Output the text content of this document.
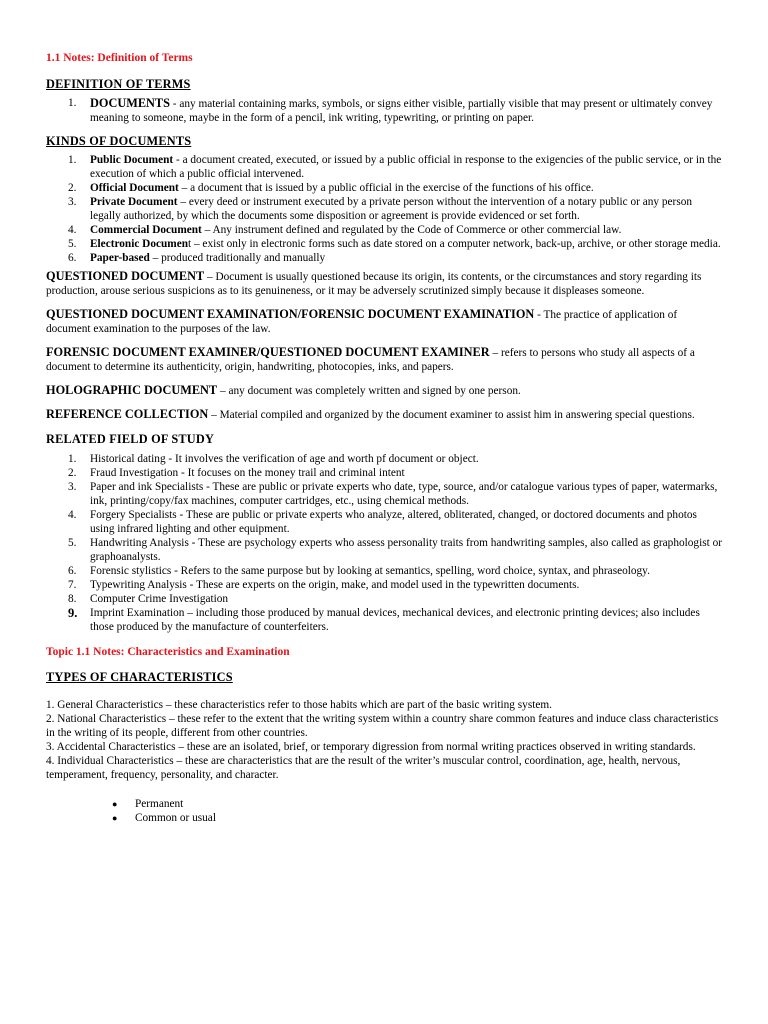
1.1 Notes: Definition of Terms
DEFINITION OF TERMS
1. DOCUMENTS - any material containing marks, symbols, or signs either visible, partially visible that may present or ultimately convey meaning to someone, maybe in the form of a pencil, ink writing, typewriting, or printing on paper.
KINDS OF DOCUMENTS
1. Public Document - a document created, executed, or issued by a public official in response to the exigencies of the public service, or in the execution of which a public official intervened.
2. Official Document – a document that is issued by a public official in the exercise of the functions of his office.
3. Private Document – every deed or instrument executed by a private person without the intervention of a notary public or any person legally authorized, by which the documents some disposition or agreement is provide evidenced or set forth.
4. Commercial Document – Any instrument defined and regulated by the Code of Commerce or other commercial law.
5. Electronic Document – exist only in electronic forms such as date stored on a computer network, back-up, archive, or other storage media.
6. Paper-based – produced traditionally and manually

QUESTIONED DOCUMENT – Document is usually questioned because its origin, its contents, or the circumstances and story regarding its production, arouse serious suspicions as to its genuineness, or it may be adversely scrutinized simply because it displeases someone.

QUESTIONED DOCUMENT EXAMINATION/FORENSIC DOCUMENT EXAMINATION - The practice of application of document examination to the purposes of the law.

FORENSIC DOCUMENT EXAMINER/QUESTIONED DOCUMENT EXAMINER – refers to persons who study all aspects of a document to determine its authenticity, origin, handwriting, photocopies, inks, and papers.

HOLOGRAPHIC DOCUMENT – any document was completely written and signed by one person.

REFERENCE COLLECTION – Material compiled and organized by the document examiner to assist him in answering special questions.

RELATED FIELD OF STUDY
1. Historical dating - It involves the verification of age and worth pf document or object.
2. Fraud Investigation - It focuses on the money trail and criminal intent
3. Paper and ink Specialists - These are public or private experts who date, type, source, and/or catalogue various types of paper, watermarks, ink, printing/copy/fax machines, computer cartridges, etc., using chemical methods.
4. Forgery Specialists - These are public or private experts who analyze, altered, obliterated, changed, or doctored documents and photos using infrared lighting and other equipment.
5. Handwriting Analysis - These are psychology experts who assess personality traits from handwriting samples, also called as graphologist or graphoanalysts.
6. Forensic stylistics - Refers to the same purpose but by looking at semantics, spelling, word choice, syntax, and phraseology.
7. Typewriting Analysis - These are experts on the origin, make, and model used in the typewritten documents.
8. Computer Crime Investigation
9. Imprint Examination – including those produced by manual devices, mechanical devices, and electronic printing devices; also includes those produced by the manufacture of counterfeiters.
Topic 1.1 Notes: Characteristics and Examination
TYPES OF CHARACTERISTICS

1. General Characteristics – these characteristics refer to those habits which are part of the basic writing system.

2. National Characteristics – these refer to the extent that the writing system within a country share common features and induce class characteristics in the writing of its people, different from other countries.

3. Accidental Characteristics – these are an isolated, brief, or temporary digression from normal writing practices observed in writing standards.

4. Individual Characteristics – these are characteristics that are the result of the writer’s muscular control, coordination, age, health, nervous, temperament, frequency, personality, and character.

● Permanent
● Common or usual
